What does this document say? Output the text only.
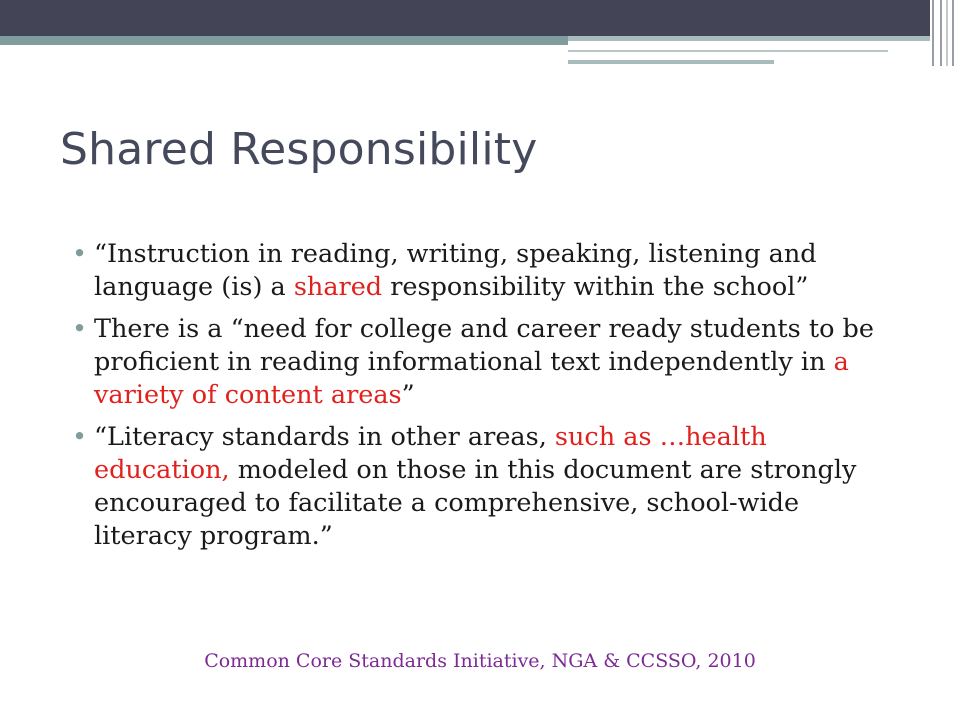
Shared Responsibility
• “Instruction in reading, writing, speaking, listening and language (is) a shared responsibility within the school”
• There is a “need for college and career ready students to be proficient in reading informational text independently in a variety of content areas”
• “Literacy standards in other areas, such as …health education, modeled on those in this document are strongly encouraged to facilitate a comprehensive, school-wide literacy program.”
Common Core Standards Initiative, NGA & CCSSO, 2010
